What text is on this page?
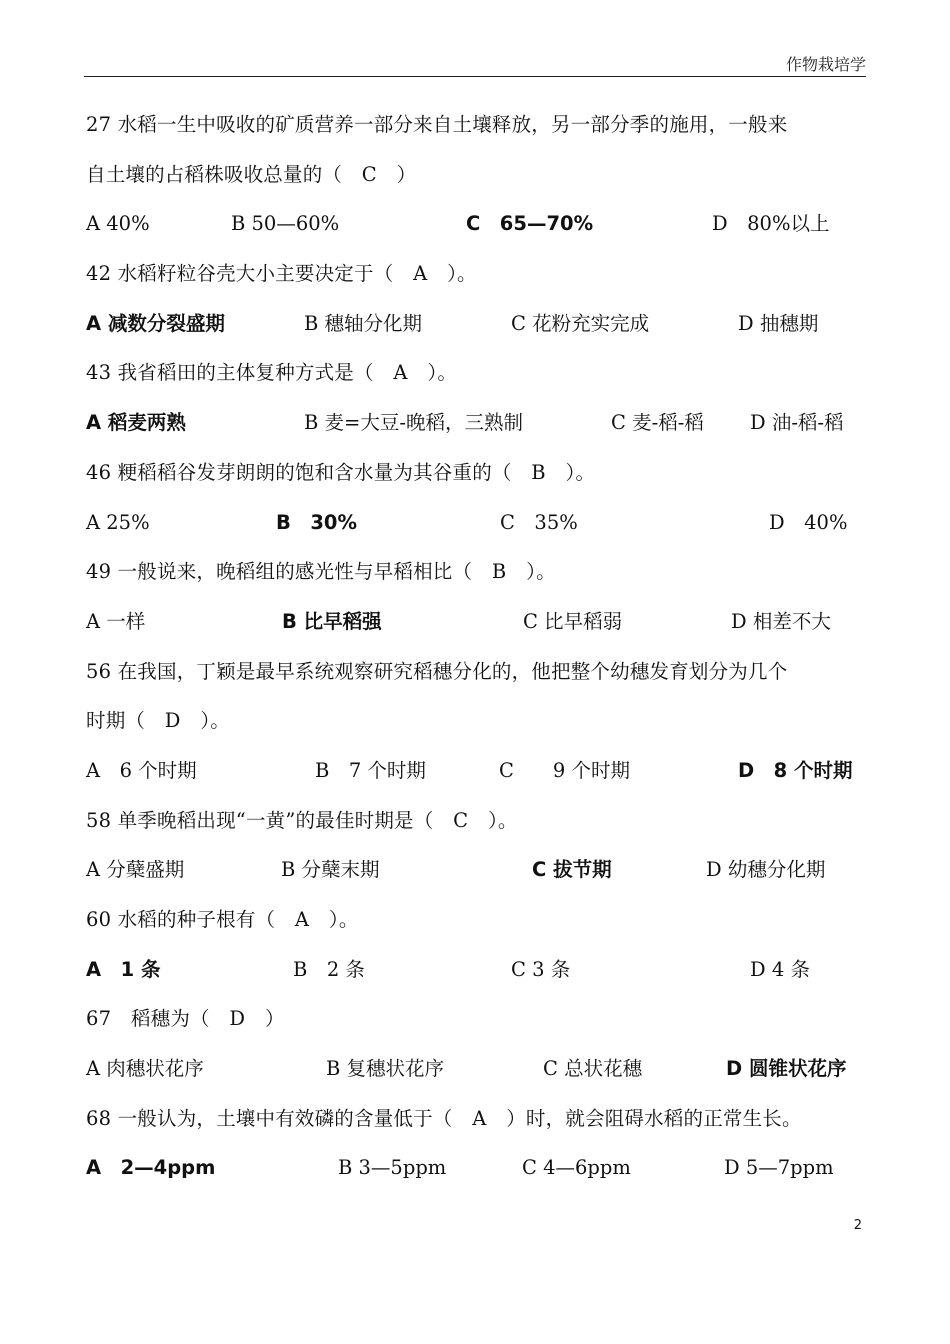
作物栽培学
27 水稻一生中吸收的矿质营养一部分来自土壤释放，另一部分季的施用，一般来
自土壤的占稻株吸收总量的（　C　）
A 40%	B 50—60%	C　65—70%	D　80%以上
42 水稻籽粒谷壳大小主要决定于（　A　）。
A 减数分裂盛期	B 穗轴分化期	C 花粉充实完成	D 抽穗期
43 我省稻田的主体复种方式是（　A　）。
A 稻麦两熟	B 麦=大豆-晚稻，三熟制	C 麦-稻-稻 D 油-稻-稻
46 粳稻稻谷发芽朗朗的饱和含水量为其谷重的（　B　）。
A 25%	B　30%	C　35%	D　40%
49 一般说来，晚稻组的感光性与早稻相比（　B　）。
A 一样	B 比早稻强	C 比早稻弱	D 相差不大
56 在我国，丁颖是最早系统观察研究稻穗分化的，他把整个幼穗发育划分为几个
时期（　D　）。
A　6 个时期	B　7 个时期	C　　9 个时期	D　8 个时期
58 单季晚稻出现“一黄”的最佳时期是（　C　）。
A 分蘖盛期	B 分蘖末期	C 拔节期	D 幼穗分化期
60 水稻的种子根有（　A　）。
A　1 条	B　2 条	C 3 条	D 4 条
67　稻穗为（　D　）
A 肉穗状花序	B 复穗状花序	C 总状花穗	D 圆锥状花序
68 一般认为，土壤中有效磷的含量低于（　A　）时，就会阻碍水稻的正常生长。
A　2—4ppm	B 3—5ppm	C 4—6ppm	D 5—7ppm
2
